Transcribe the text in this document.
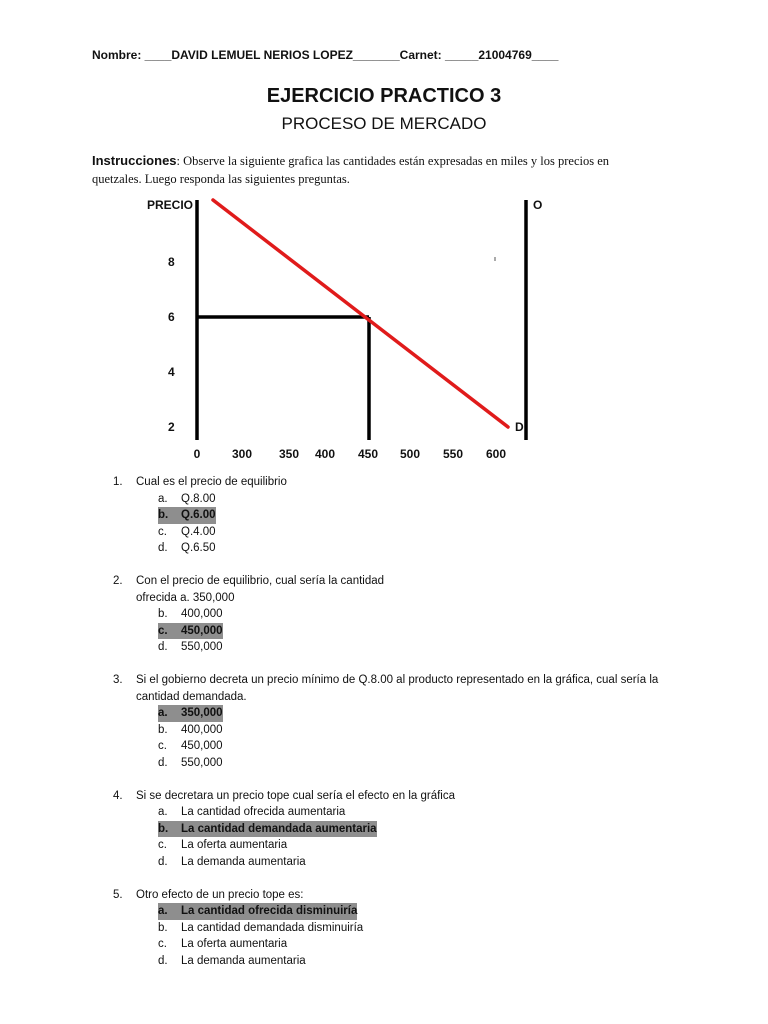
Nombre: ____DAVID LEMUEL NERIOS LOPEZ_______Carnet: _____21004769____
EJERCICIO PRACTICO 3
PROCESO DE MERCADO
Instrucciones: Observe la siguiente grafica las cantidades están expresadas en miles y los precios en quetzales. Luego responda las siguientes preguntas.
PRECIO
8
6
4
2
0	300 350 400 450 500 550 600
O
D
1.	Cual es el precio de equilibrio
a.	Q.8.00
b.	Q.6.00
c.	Q.4.00
d.	Q.6.50
2.	Con el precio de equilibrio, cual sería la cantidad
ofrecida a. 350,000
b.	400,000
c.	450,000
d.	550,000
3.	Si el gobierno decreta un precio mínimo de Q.8.00 al producto representado en la gráfica, cual sería la cantidad demandada.
a.	350,000
b.	400,000
c.	450,000
d.	550,000
4.	Si se decretara un precio tope cual sería el efecto en la gráfica
a.	La cantidad ofrecida aumentaria
b.	La cantidad demandada aumentaria
c.	La oferta aumentaria
d.	La demanda aumentaria
5.	Otro efecto de un precio tope es:
a.	La cantidad ofrecida disminuiría
b.	La cantidad demandada disminuiría
c.	La oferta aumentaria
d.	La demanda aumentaria
